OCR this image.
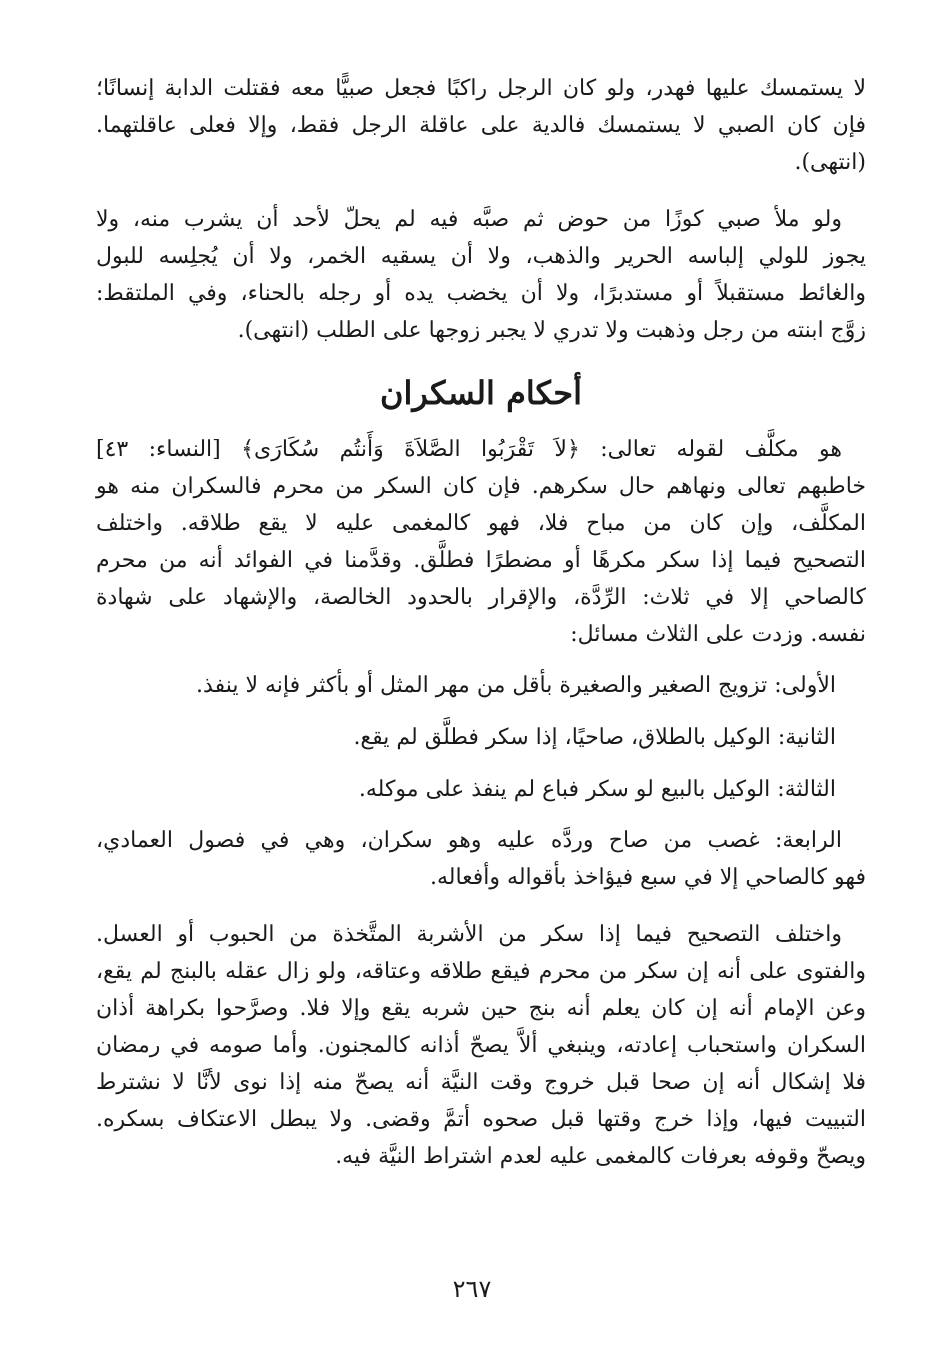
لا يستمسك عليها فهدر، ولو كان الرجل راكبًا فجعل صبيًّا معه فقتلت الدابة إنسانًا؛
فإن كان الصبي لا يستمسك فالدية على عاقلة الرجل فقط، وإلا فعلى عاقلتهما.
(انتهى).
ولو ملأ صبي كوزًا من حوض ثم صبَّه فيه لم يحلّ لأحد أن يشرب منه، ولا
يجوز للولي إلباسه الحرير والذهب، ولا أن يسقيه الخمر، ولا أن يُجلِسه للبول
والغائط مستقبلاً أو مستدبرًا، ولا أن يخضب يده أو رجله بالحناء، وفي الملتقط:
زوَّج ابنته من رجل وذهبت ولا تدري لا يجبر زوجها على الطلب (انتهى).
أحكام السكران
هو مكلَّف لقوله تعالى: ﴿لاَ تَقْرَبُوا الصَّلاَةَ وَأَنتُم سُكَارَى﴾ [النساء: ٤٣]
خاطبهم تعالى ونهاهم حال سكرهم. فإن كان السكر من محرم فالسكران منه هو
المكلَّف، وإن كان من مباح فلا، فهو كالمغمى عليه لا يقع طلاقه. واختلف
التصحيح فيما إذا سكر مكرهًا أو مضطرًا فطلَّق. وقدَّمنا في الفوائد أنه من محرم
كالصاحي إلا في ثلاث: الرِّدَّة، والإقرار بالحدود الخالصة، والإشهاد على شهادة
نفسه. وزدت على الثلاث مسائل:
الأولى: تزويج الصغير والصغيرة بأقل من مهر المثل أو بأكثر فإنه لا ينفذ.
الثانية: الوكيل بالطلاق، صاحيًا، إذا سكر فطلَّق لم يقع.
الثالثة: الوكيل بالبيع لو سكر فباع لم ينفذ على موكله.
الرابعة: غصب من صاح وردَّه عليه وهو سكران، وهي في فصول العمادي،
فهو كالصاحي إلا في سبع فيؤاخذ بأقواله وأفعاله.
واختلف التصحيح فيما إذا سكر من الأشربة المتَّخذة من الحبوب أو العسل.
والفتوى على أنه إن سكر من محرم فيقع طلاقه وعتاقه، ولو زال عقله بالبنج لم يقع،
وعن الإمام أنه إن كان يعلم أنه بنج حين شربه يقع وإلا فلا. وصرَّحوا بكراهة أذان
السكران واستحباب إعادته، وينبغي ألاَّ يصحّ أذانه كالمجنون. وأما صومه في رمضان
فلا إشكال أنه إن صحا قبل خروج وقت النيَّة أنه يصحّ منه إذا نوى لأنَّا لا نشترط
التبييت فيها، وإذا خرج وقتها قبل صحوه أتمَّ وقضى. ولا يبطل الاعتكاف بسكره.
ويصحّ وقوفه بعرفات كالمغمى عليه لعدم اشتراط النيَّة فيه.
٢٦٧
